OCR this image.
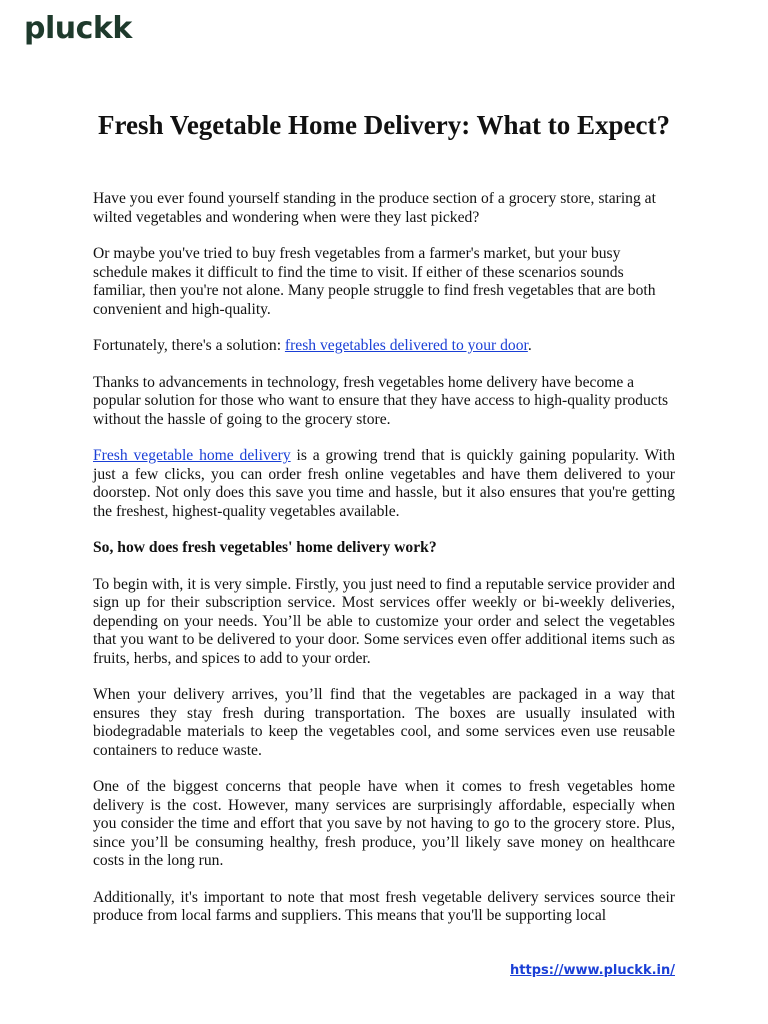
pluckk
Fresh Vegetable Home Delivery: What to Expect?

Have you ever found yourself standing in the produce section of a grocery store, staring at wilted vegetables and wondering when were they last picked?

Or maybe you've tried to buy fresh vegetables from a farmer's market, but your busy schedule makes it difficult to find the time to visit. If either of these scenarios sounds familiar, then you're not alone. Many people struggle to find fresh vegetables that are both convenient and high-quality.

Fortunately, there's a solution: fresh vegetables delivered to your door.

Thanks to advancements in technology, fresh vegetables home delivery have become a popular solution for those who want to ensure that they have access to high-quality products without the hassle of going to the grocery store.

Fresh vegetable home delivery is a growing trend that is quickly gaining popularity. With just a few clicks, you can order fresh online vegetables and have them delivered to your doorstep. Not only does this save you time and hassle, but it also ensures that you're getting the freshest, highest-quality vegetables available.

So, how does fresh vegetables' home delivery work?

To begin with, it is very simple. Firstly, you just need to find a reputable service provider and sign up for their subscription service. Most services offer weekly or bi-weekly deliveries, depending on your needs. You’ll be able to customize your order and select the vegetables that you want to be delivered to your door. Some services even offer additional items such as fruits, herbs, and spices to add to your order.

When your delivery arrives, you’ll find that the vegetables are packaged in a way that ensures they stay fresh during transportation. The boxes are usually insulated with biodegradable materials to keep the vegetables cool, and some services even use reusable containers to reduce waste.

One of the biggest concerns that people have when it comes to fresh vegetables home delivery is the cost. However, many services are surprisingly affordable, especially when you consider the time and effort that you save by not having to go to the grocery store. Plus, since you’ll be consuming healthy, fresh produce, you’ll likely save money on healthcare costs in the long run.

Additionally, it's important to note that most fresh vegetable delivery services source their produce from local farms and suppliers. This means that you'll be supporting local

https://www.pluckk.in/
